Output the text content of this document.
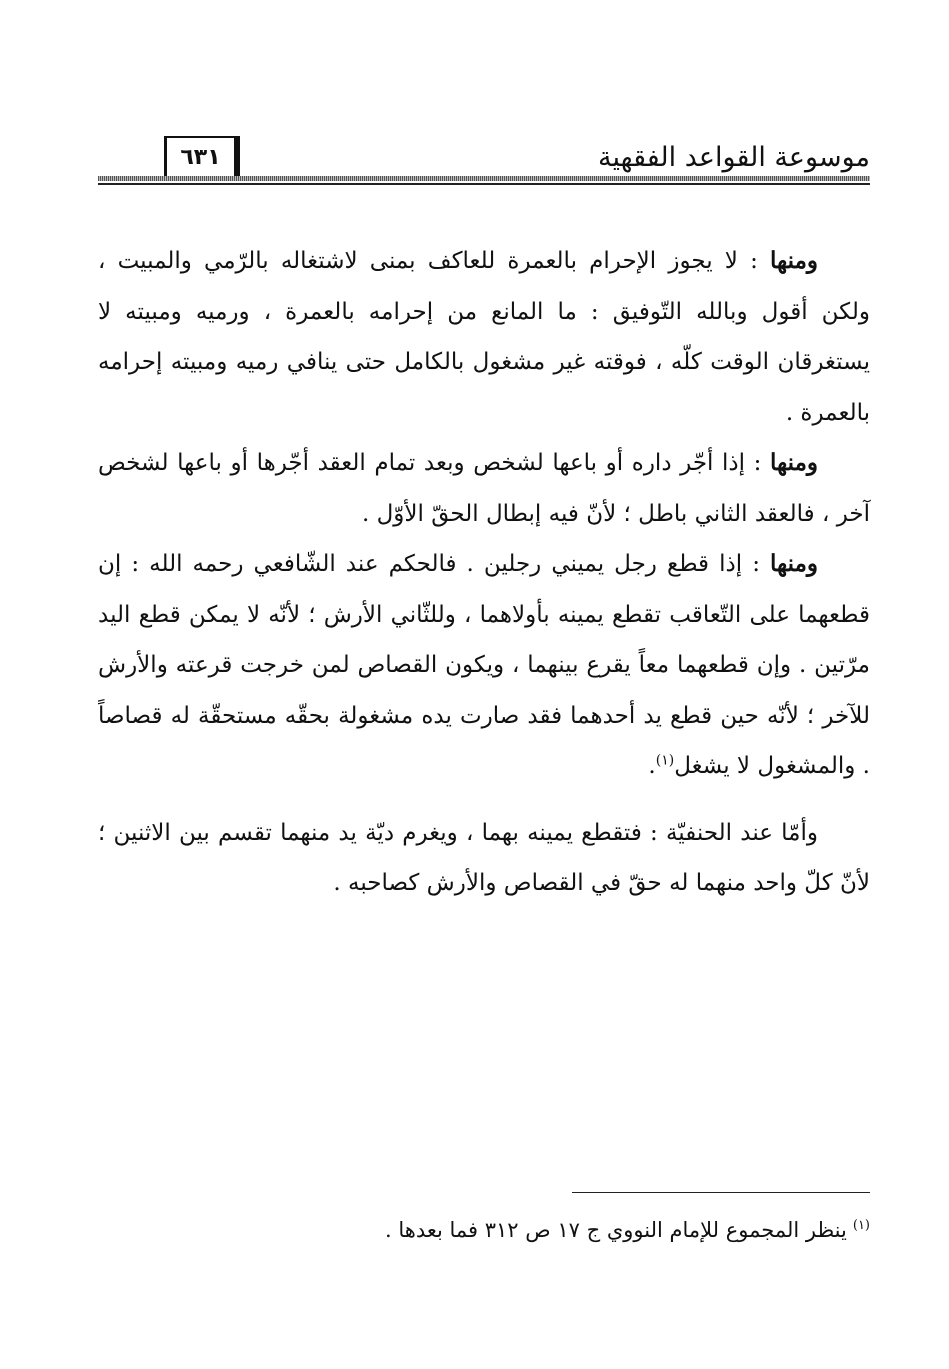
موسوعة القواعد الفقهية
٦٣١

ومنها : لا يجوز الإحرام بالعمرة للعاكف بمنى لاشتغاله بالرّمي والمبيت ، ولكن أقول وبالله التّوفيق : ما المانع من إحرامه بالعمرة ، ورميه ومبيته لا يستغرقان الوقت كلّه ، فوقته غير مشغول بالكامل حتى ينافي رميه ومبيته إحرامه بالعمرة .

ومنها : إذا أجّر داره أو باعها لشخص وبعد تمام العقد أجّرها أو باعها لشخص آخر ، فالعقد الثاني باطل ؛ لأنّ فيه إبطال الحقّ الأوّل .

ومنها : إذا قطع رجل يميني رجلين . فالحكم عند الشّافعي رحمه الله : إن قطعهما على التّعاقب تقطع يمينه بأولاهما ، وللثّاني الأرش ؛ لأنّه لا يمكن قطع اليد مرّتين . وإن قطعهما معاً يقرع بينهما ، ويكون القصاص لمن خرجت قرعته والأرش للآخر ؛ لأنّه حين قطع يد أحدهما فقد صارت يده مشغولة بحقّه مستحقّة له قصاصاً . والمشغول لا يشغل$^{(١)}$.

وأمّا عند الحنفيّة : فتقطع يمينه بهما ، ويغرم ديّة يد منهما تقسم بين الاثنين ؛ لأنّ كلّ واحد منهما له حقّ في القصاص والأرش كصاحبه .

$^{(١)}$ينظر المجموع للإمام النووي ج ١٧ ص ٣١٢ فما بعدها .
